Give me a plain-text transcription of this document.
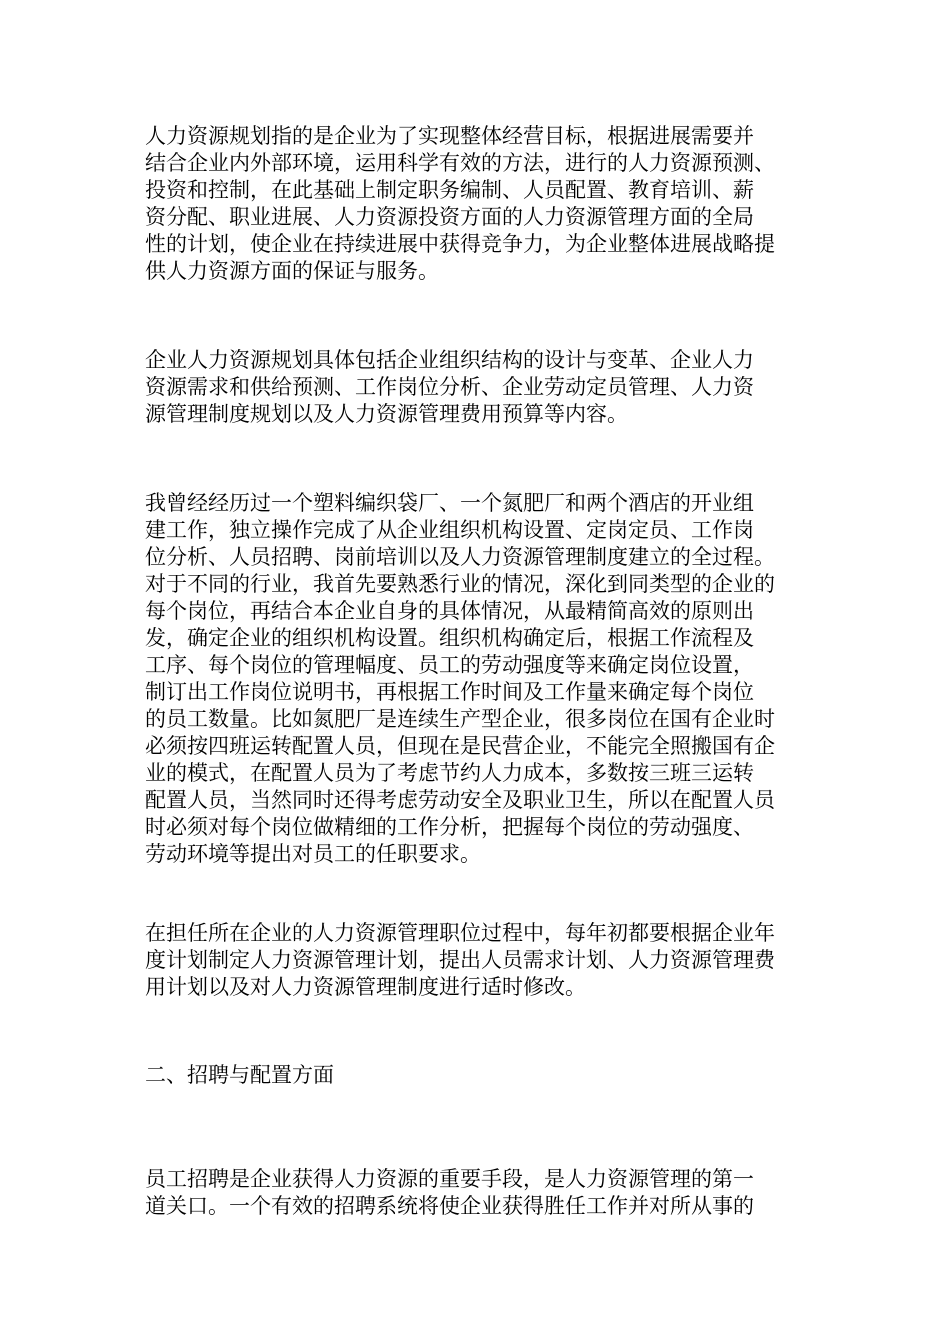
人力资源规划指的是企业为了实现整体经营目标，根据进展需要并
结合企业内外部环境，运用科学有效的方法，进行的人力资源预测、
投资和控制，在此基础上制定职务编制、人员配置、教育培训、薪
资分配、职业进展、人力资源投资方面的人力资源管理方面的全局
性的计划，使企业在持续进展中获得竞争力，为企业整体进展战略提
供人力资源方面的保证与服务。
企业人力资源规划具体包括企业组织结构的设计与变革、企业人力
资源需求和供给预测、工作岗位分析、企业劳动定员管理、人力资
源管理制度规划以及人力资源管理费用预算等内容。
我曾经经历过一个塑料编织袋厂、一个氮肥厂和两个酒店的开业组
建工作，独立操作完成了从企业组织机构设置、定岗定员、工作岗
位分析、人员招聘、岗前培训以及人力资源管理制度建立的全过程。
对于不同的行业，我首先要熟悉行业的情况，深化到同类型的企业的
每个岗位，再结合本企业自身的具体情况，从最精简高效的原则出
发，确定企业的组织机构设置。组织机构确定后，根据工作流程及
工序、每个岗位的管理幅度、员工的劳动强度等来确定岗位设置，
制订出工作岗位说明书，再根据工作时间及工作量来确定每个岗位
的员工数量。比如氮肥厂是连续生产型企业，很多岗位在国有企业时
必须按四班运转配置人员，但现在是民营企业，不能完全照搬国有企
业的模式，在配置人员为了考虑节约人力成本，多数按三班三运转
配置人员，当然同时还得考虑劳动安全及职业卫生，所以在配置人员
时必须对每个岗位做精细的工作分析，把握每个岗位的劳动强度、
劳动环境等提出对员工的任职要求。
在担任所在企业的人力资源管理职位过程中，每年初都要根据企业年
度计划制定人力资源管理计划，提出人员需求计划、人力资源管理费
用计划以及对人力资源管理制度进行适时修改。
二、招聘与配置方面
员工招聘是企业获得人力资源的重要手段，是人力资源管理的第一
道关口。一个有效的招聘系统将使企业获得胜任工作并对所从事的
